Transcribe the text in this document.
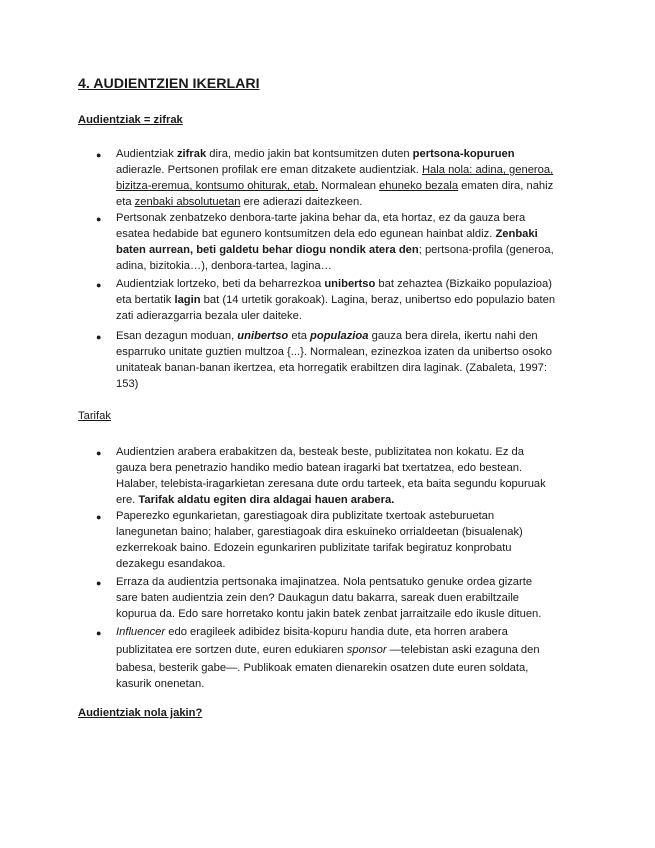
4. AUDIENTZIEN IKERLARI
Audientziak = zifrak
● Audientziak zifrak dira, medio jakin bat kontsumitzen duten pertsona-kopuruen
adierazle. Pertsonen profilak ere eman ditzakete audientziak. Hala nola: adina, generoa,
bizitza-eremua, kontsumo ohiturak, etab. Normalean ehuneko bezala ematen dira, nahiz
eta zenbaki absolutuetan ere adierazi daitezkeen.
● Pertsonak zenbatzeko denbora-tarte jakina behar da, eta hortaz, ez da gauza bera
esatea hedabide bat egunero kontsumitzen dela edo egunean hainbat aldiz. Zenbaki
baten aurrean, beti galdetu behar diogu nondik atera den; pertsona-profila (generoa,
adina, bizitokia…), denbora-tartea, lagina…
● Audientziak lortzeko, beti da beharrezkoa unibertso bat zehaztea (Bizkaiko populazioa)
eta bertatik lagin bat (14 urtetik gorakoak). Lagina, beraz, unibertso edo populazio baten
zati adierazgarria bezala uler daiteke.
● Esan dezagun moduan, unibertso eta populazioa gauza bera direla, ikertu nahi den
esparruko unitate guztien multzoa {...}. Normalean, ezinezkoa izaten da unibertso osoko
unitateak banan-banan ikertzea, eta horregatik erabiltzen dira laginak. (Zabaleta, 1997:
153)
Tarifak
● Audientzien arabera erabakitzen da, besteak beste, publizitatea non kokatu. Ez da
gauza bera penetrazio handiko medio batean iragarki bat txertatzea, edo bestean.
Halaber, telebista-iragarkietan zeresana dute ordu tarteek, eta baita segundu kopuruak
ere. Tarifak aldatu egiten dira aldagai hauen arabera.
● Paperezko egunkarietan, garestiagoak dira publizitate txertoak asteburuetan
lanegunetan baino; halaber, garestiagoak dira eskuineko orrialdeetan (bisualenak)
ezkerrekoak baino. Edozein egunkariren publizitate tarifak begiratuz konprobatu
dezakegu esandakoa.
● Erraza da audientzia pertsonaka imajinatzea. Nola pentsatuko genuke ordea gizarte
sare baten audientzia zein den? Daukagun datu bakarra, sareak duen erabiltzaile
kopurua da. Edo sare horretako kontu jakin batek zenbat jarraitzaile edo ikusle dituen.
● Influencer edo eragileek adibidez bisita-kopuru handia dute, eta horren arabera
publizitatea ere sortzen dute, euren edukiaren sponsor —telebistan aski ezaguna den
babesa, besterik gabe—. Publikoak ematen dienarekin osatzen dute euren soldata,
kasurik onenetan.
Audientziak nola jakin?
